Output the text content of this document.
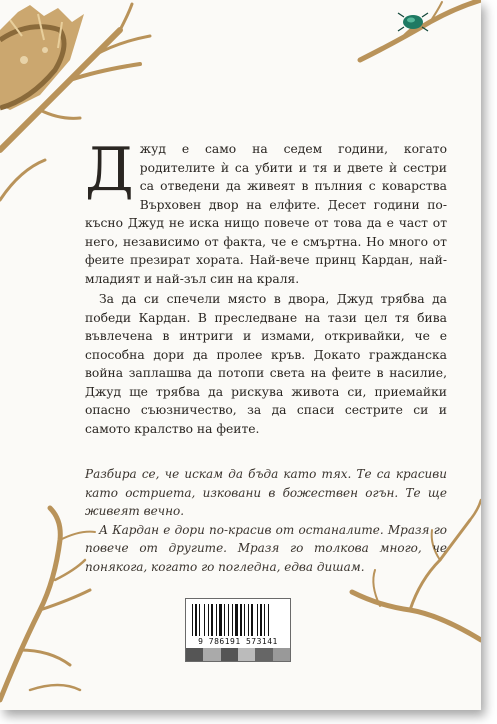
Джуд е само на седем години, когато родителите ѝ са убити и тя и двете ѝ сестри са отведени да живеят в пълния с коварства Върховен двор на елфите. Десет години по-късно Джуд не иска нищо повече от това да е част от него, независимо от факта, че е смъртна. Но много от феите презират хората. Най-вече принц Кардан, най-младият и най-зъл син на краля.

За да си спечели място в двора, Джуд трябва да победи Кардан. В преследване на тази цел тя бива въвлечена в интриги и измами, откривайки, че е способна дори да пролее кръв. Докато гражданска война заплашва да потопи света на феите в насилие, Джуд ще трябва да рискува живота си, приемайки опасно съюзничество, за да спаси сестрите си и самото кралство на феите.

Разбира се, че искам да бъда като тях. Те са красиви като остриета, изковани в божествен огън. Те ще живеят вечно.

А Кардан е дори по-красив от останалите. Мразя го повече от другите. Мразя го толкова много, че понякога, когато го погледна, едва дишам.

9 786191 573141
